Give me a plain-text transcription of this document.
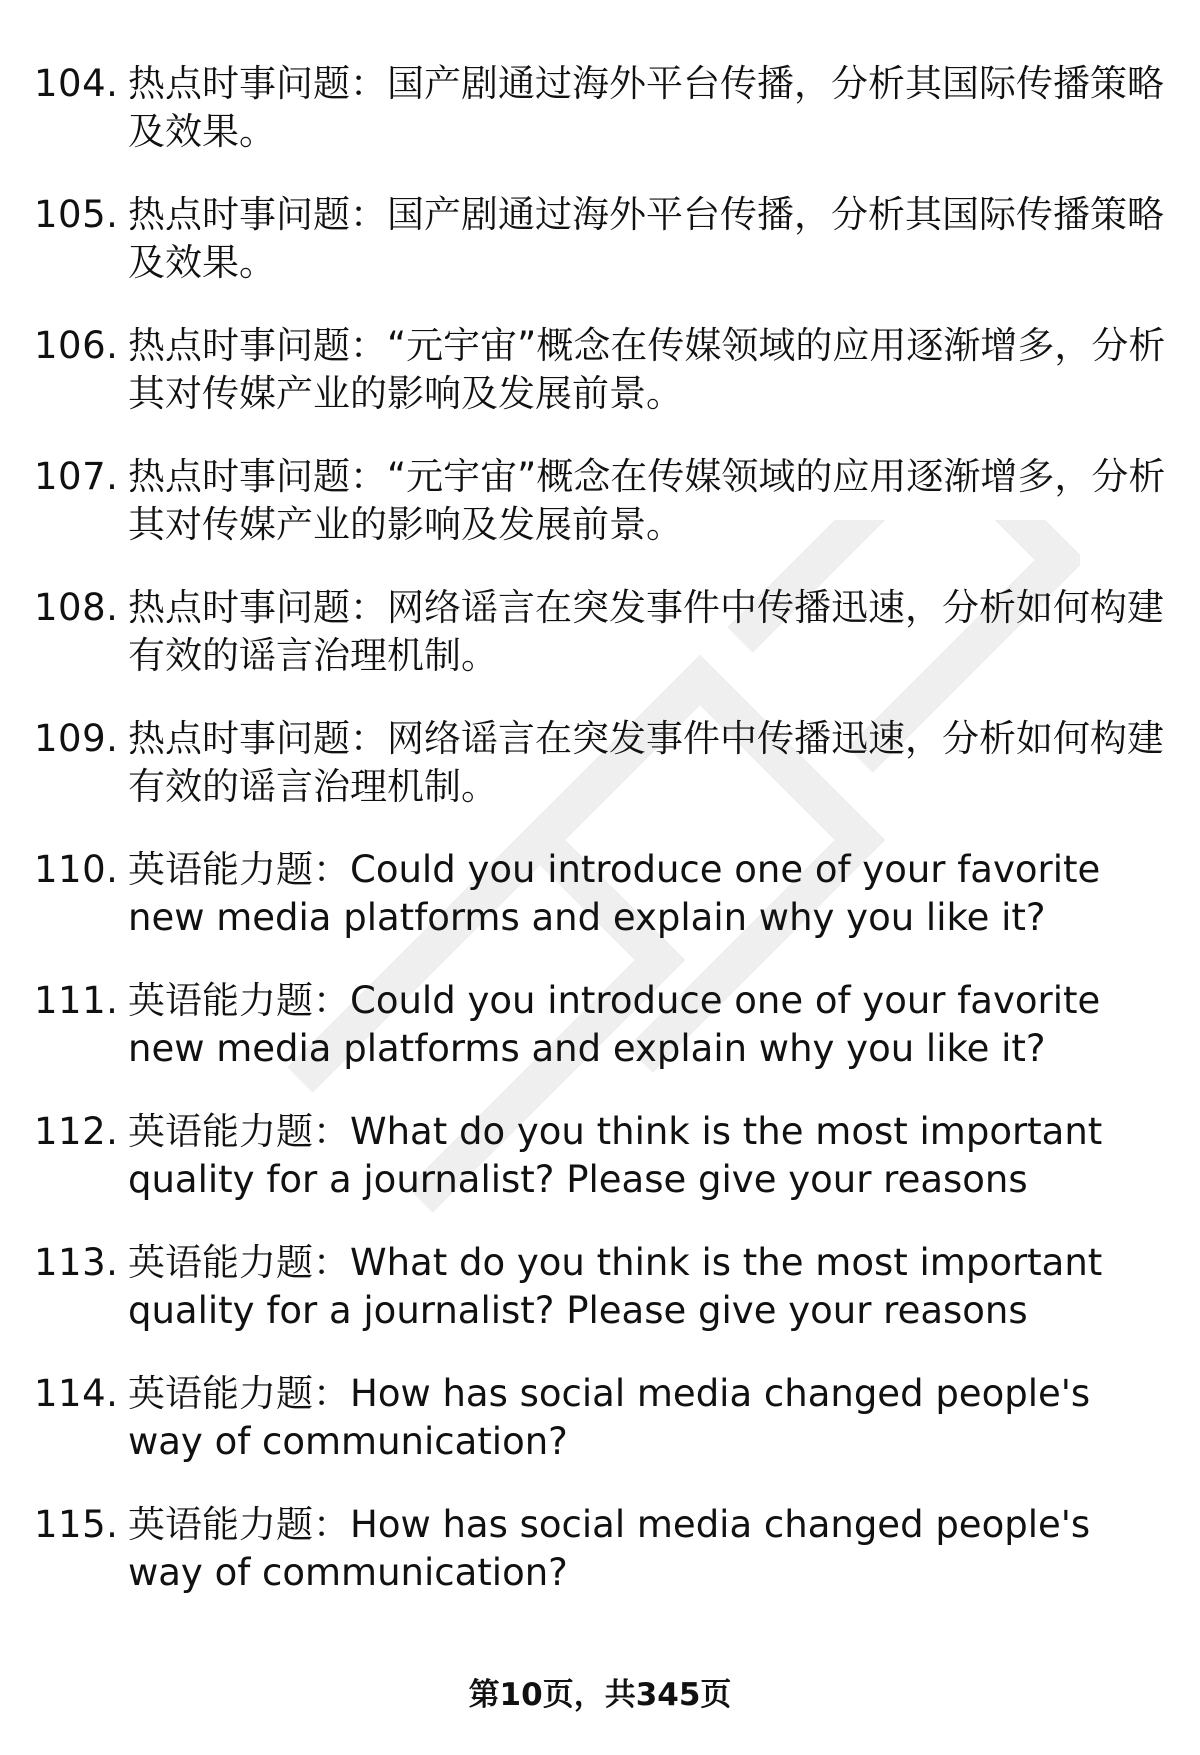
104. 热点时事问题：国产剧通过海外平台传播，分析其国际传播策略及效果。
105. 热点时事问题：国产剧通过海外平台传播，分析其国际传播策略及效果。
106. 热点时事问题：“元宇宙”概念在传媒领域的应用逐渐增多，分析其对传媒产业的影响及发展前景。
107. 热点时事问题：“元宇宙”概念在传媒领域的应用逐渐增多，分析其对传媒产业的影响及发展前景。
108. 热点时事问题：网络谣言在突发事件中传播迅速，分析如何构建有效的谣言治理机制。
109. 热点时事问题：网络谣言在突发事件中传播迅速，分析如何构建有效的谣言治理机制。
110. 英语能力题：Could you introduce one of your favorite new media platforms and explain why you like it?
111. 英语能力题：Could you introduce one of your favorite new media platforms and explain why you like it?
112. 英语能力题：What do you think is the most important quality for a journalist? Please give your reasons
113. 英语能力题：What do you think is the most important quality for a journalist? Please give your reasons
114. 英语能力题：How has social media changed people's way of communication?
115. 英语能力题：How has social media changed people's way of communication?
第10页，共345页
